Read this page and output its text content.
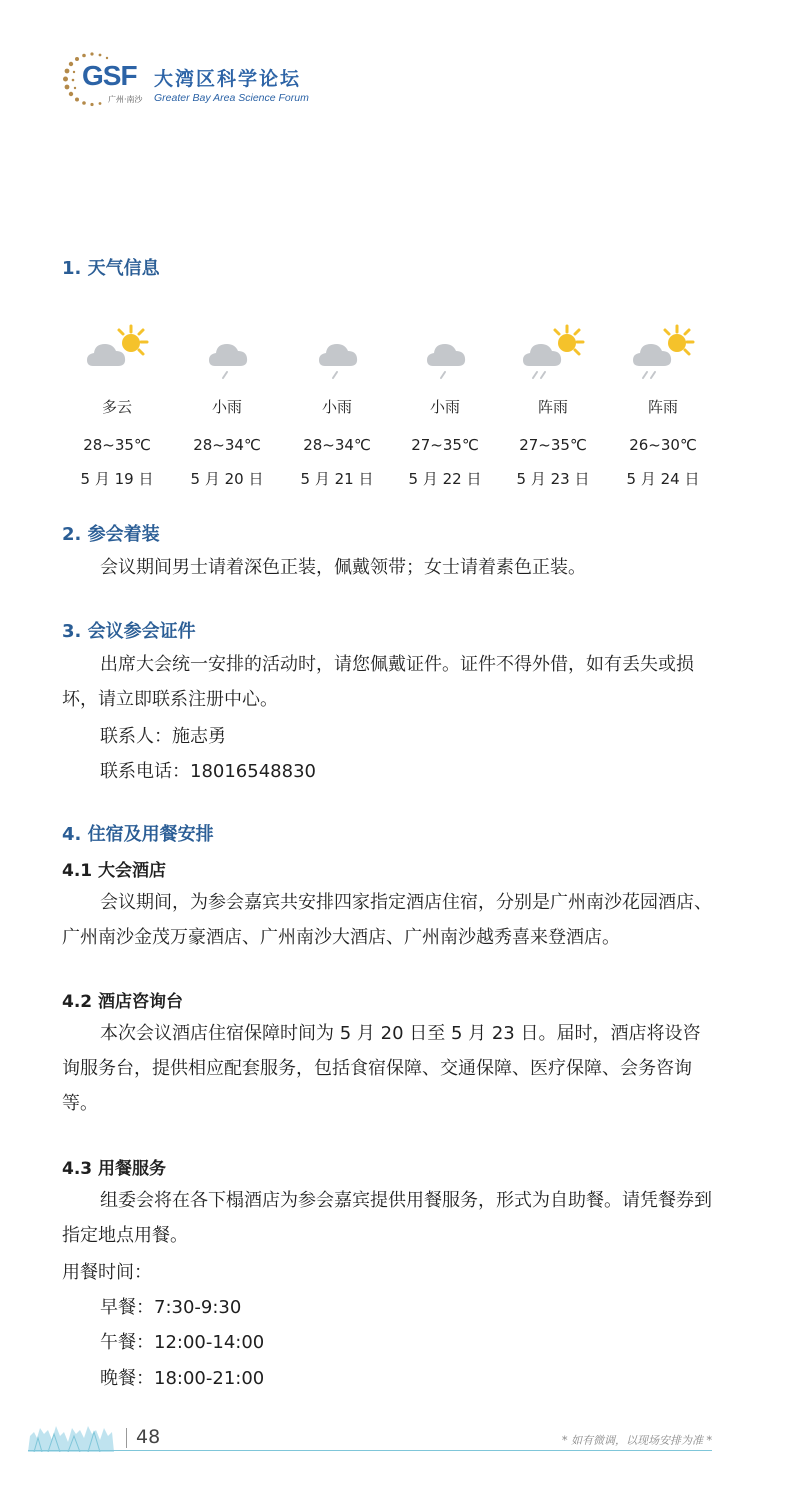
GSF
广州·南沙
大湾区科学论坛
Greater Bay Area Science Forum
1. 天气信息
多云
28~35℃
5 月 19 日
小雨
28~34℃
5 月 20 日
小雨
28~34℃
5 月 21 日
小雨
27~35℃
5 月 22 日
阵雨
27~35℃
5 月 23 日
阵雨
26~30℃
5 月 24 日
2. 参会着装
会议期间男士请着深色正装，佩戴领带；女士请着素色正装。
3. 会议参会证件
出席大会统一安排的活动时，请您佩戴证件。证件不得外借，如有丢失或损坏，请立即联系注册中心。
联系人：施志勇
联系电话：18016548830
4. 住宿及用餐安排
4.1 大会酒店
会议期间，为参会嘉宾共安排四家指定酒店住宿，分别是广州南沙花园酒店、广州南沙金茂万豪酒店、广州南沙大酒店、广州南沙越秀喜来登酒店。
4.2 酒店咨询台
本次会议酒店住宿保障时间为 5 月 20 日至 5 月 23 日。届时，酒店将设咨询服务台，提供相应配套服务，包括食宿保障、交通保障、医疗保障、会务咨询等。
4.3 用餐服务
组委会将在各下榻酒店为参会嘉宾提供用餐服务，形式为自助餐。请凭餐券到指定地点用餐。
用餐时间：
早餐：7:30-9:30
午餐：12:00-14:00
晚餐：18:00-21:00
48	* 如有微调，以现场安排为准 *
